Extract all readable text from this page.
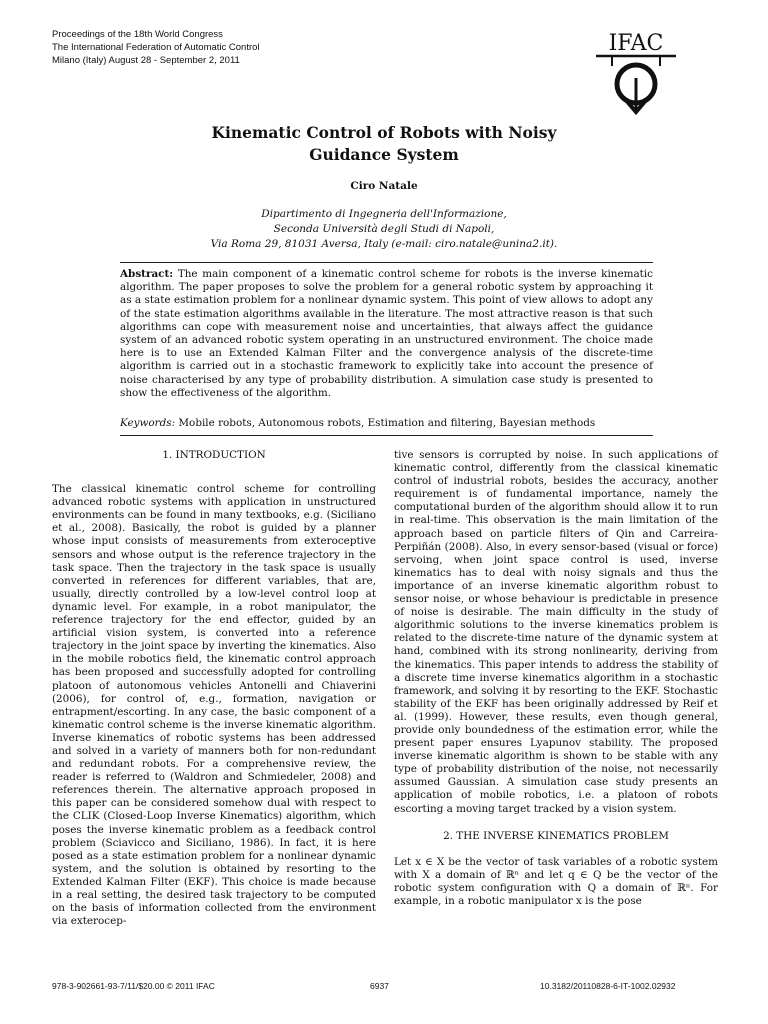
Proceedings of the 18th World Congress
The International Federation of Automatic Control
Milano (Italy) August 28 - September 2, 2011
IFAC
Kinematic Control of Robots with Noisy
Guidance System
Ciro Natale
Dipartimento di Ingegneria dell'Informazione,
Seconda Università degli Studi di Napoli,
Via Roma 29, 81031 Aversa, Italy (e-mail: ciro.natale@unina2.it).
Abstract: The main component of a kinematic control scheme for robots is the inverse kinematic algorithm. The paper proposes to solve the problem for a general robotic system by approaching it as a state estimation problem for a nonlinear dynamic system. This point of view allows to adopt any of the state estimation algorithms available in the literature. The most attractive reason is that such algorithms can cope with measurement noise and uncertainties, that always affect the guidance system of an advanced robotic system operating in an unstructured environment. The choice made here is to use an Extended Kalman Filter and the convergence analysis of the discrete-time algorithm is carried out in a stochastic framework to explicitly take into account the presence of noise characterised by any type of probability distribution. A simulation case study is presented to show the effectiveness of the algorithm.
Keywords: Mobile robots, Autonomous robots, Estimation and filtering, Bayesian methods
1. INTRODUCTION

The classical kinematic control scheme for controlling advanced robotic systems with application in unstructured environments can be found in many textbooks, e.g. (Siciliano et al., 2008). Basically, the robot is guided by a planner whose input consists of measurements from exteroceptive sensors and whose output is the reference trajectory in the task space. Then the trajectory in the task space is usually converted in references for different variables, that are, usually, directly controlled by a low-level control loop at dynamic level. For example, in a robot manipulator, the reference trajectory for the end effector, guided by an artificial vision system, is converted into a reference trajectory in the joint space by inverting the kinematics. Also in the mobile robotics field, the kinematic control approach has been proposed and successfully adopted for controlling platoon of autonomous vehicles Antonelli and Chiaverini (2006), for control of, e.g., formation, navigation or entrapment/escorting. In any case, the basic component of a kinematic control scheme is the inverse kinematic algorithm. Inverse kinematics of robotic systems has been addressed and solved in a variety of manners both for non-redundant and redundant robots. For a comprehensive review, the reader is referred to (Waldron and Schmiedeler, 2008) and references therein. The alternative approach proposed in this paper can be considered somehow dual with respect to the CLIK (Closed-Loop Inverse Kinematics) algorithm, which poses the inverse kinematic problem as a feedback control problem (Sciavicco and Siciliano, 1986). In fact, it is here posed as a state estimation problem for a nonlinear dynamic system, and the solution is obtained by resorting to the Extended Kalman Filter (EKF). This choice is made because in a real setting, the desired task trajectory to be computed on the basis of information collected from the environment via exterocep-

tive sensors is corrupted by noise. In such applications of kinematic control, differently from the classical kinematic control of industrial robots, besides the accuracy, another requirement is of fundamental importance, namely the computational burden of the algorithm should allow it to run in real-time. This observation is the main limitation of the approach based on particle filters of Qin and Carreira-Perpiñán (2008). Also, in every sensor-based (visual or force) servoing, when joint space control is used, inverse kinematics has to deal with noisy signals and thus the importance of an inverse kinematic algorithm robust to sensor noise, or whose behaviour is predictable in presence of noise is desirable. The main difficulty in the study of algorithmic solutions to the inverse kinematics problem is related to the discrete-time nature of the dynamic system at hand, combined with its strong nonlinearity, deriving from the kinematics. This paper intends to address the stability of a discrete time inverse kinematics algorithm in a stochastic framework, and solving it by resorting to the EKF. Stochastic stability of the EKF has been originally addressed by Reif et al. (1999). However, these results, even though general, provide only boundedness of the estimation error, while the present paper ensures Lyapunov stability. The proposed inverse kinematic algorithm is shown to be stable with any type of probability distribution of the noise, not necessarily assumed Gaussian. A simulation case study presents an application of mobile robotics, i.e. a platoon of robots escorting a moving target tracked by a vision system.

2. THE INVERSE KINEMATICS PROBLEM

Let x ∈ X be the vector of task variables of a robotic system with X a domain of ℝⁿ and let q ∈ Q be the vector of the robotic system configuration with Q a domain of ℝⁿ. For example, in a robotic manipulator x is the pose

978-3-902661-93-7/11/$20.00 © 2011 IFAC	6937	10.3182/20110828-6-IT-1002.02932
